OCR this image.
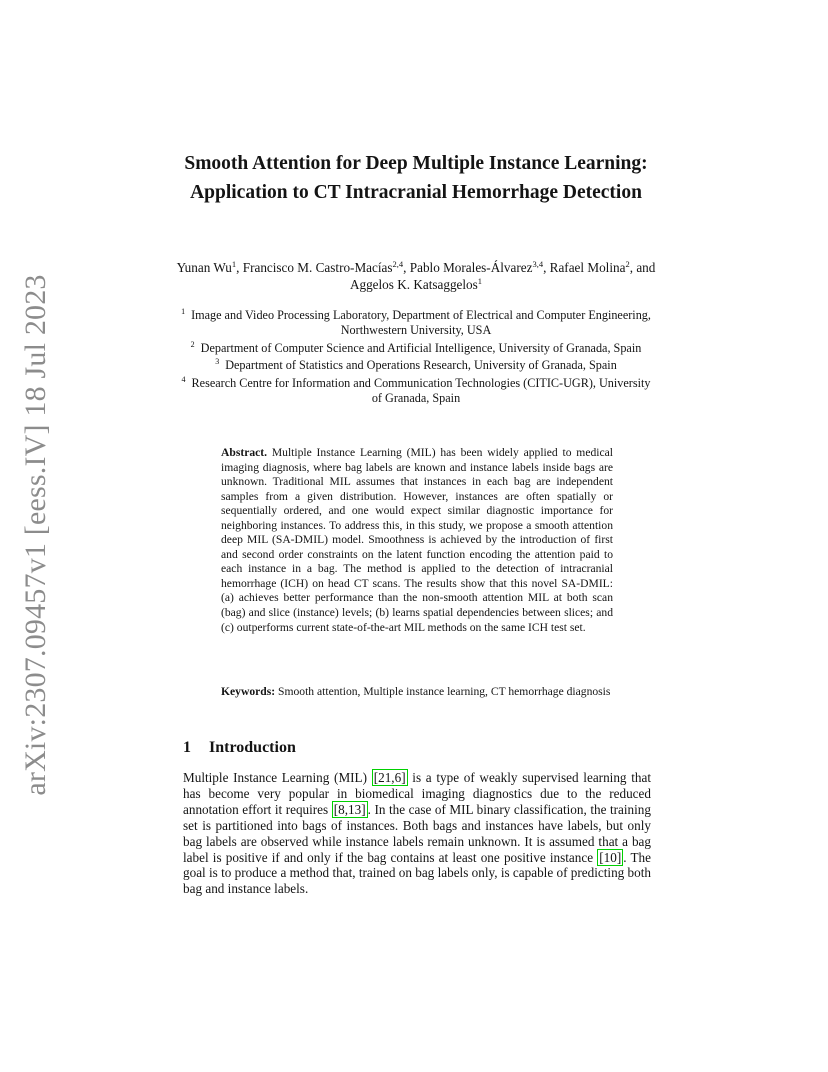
arXiv:2307.09457v1 [eess.IV] 18 Jul 2023
Smooth Attention for Deep Multiple Instance Learning: Application to CT Intracranial Hemorrhage Detection
Yunan Wu$^1$, Francisco M. Castro-Macías$^{2,4}$, Pablo Morales-Álvarez$^{3,4}$, Rafael Molina$^2$, and Aggelos K. Katsaggelos$^1$
$^1$ Image and Video Processing Laboratory, Department of Electrical and Computer Engineering, Northwestern University, USA
$^2$ Department of Computer Science and Artificial Intelligence, University of Granada, Spain
$^3$ Department of Statistics and Operations Research, University of Granada, Spain
$^4$ Research Centre for Information and Communication Technologies (CITIC-UGR), University of Granada, Spain
Abstract. Multiple Instance Learning (MIL) has been widely applied to medical imaging diagnosis, where bag labels are known and instance labels inside bags are unknown. Traditional MIL assumes that instances in each bag are independent samples from a given distribution. However, instances are often spatially or sequentially ordered, and one would expect similar diagnostic importance for neighboring instances. To address this, in this study, we propose a smooth attention deep MIL (SA-DMIL) model. Smoothness is achieved by the introduction of first and second order constraints on the latent function encoding the attention paid to each instance in a bag. The method is applied to the detection of intracranial hemorrhage (ICH) on head CT scans. The results show that this novel SA-DMIL: (a) achieves better performance than the non-smooth attention MIL at both scan (bag) and slice (instance) levels; (b) learns spatial dependencies between slices; and (c) outperforms current state-of-the-art MIL methods on the same ICH test set.
Keywords: Smooth attention, Multiple instance learning, CT hemorrhage diagnosis
1 Introduction
Multiple Instance Learning (MIL) [21,6] is a type of weakly supervised learning that has become very popular in biomedical imaging diagnostics due to the reduced annotation effort it requires [8,13] . In the case of MIL binary classification, the training set is partitioned into bags of instances. Both bags and instances have labels, but only bag labels are observed while instance labels remain unknown. It is assumed that a bag label is positive if and only if the bag contains at least one positive instance [10] . The goal is to produce a method that, trained on bag labels only, is capable of predicting both bag and instance labels.
